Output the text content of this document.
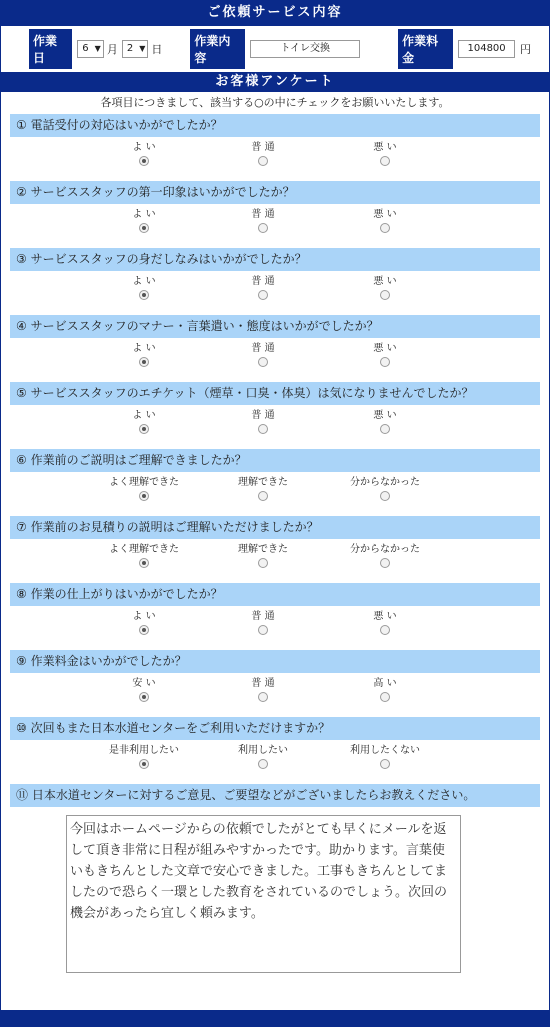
ご依頼サービス内容
作業日
6 ▼ 月 2 ▼ 日
作業内容
トイレ交換
作業料金
104800	円
お客様アンケート
各項目につきまして、該当する○の中にチェックをお願いいたします。
① 電話受付の対応はいかがでしたか？
よ い	普 通	悪 い
② サービススタッフの第一印象はいかがでしたか？
よ い	普 通	悪 い
③ サービススタッフの身だしなみはいかがでしたか？
よ い	普 通	悪 い
④ サービススタッフのマナー・言葉遣い・態度はいかがでしたか？
よ い	普 通	悪 い
⑤ サービススタッフのエチケット（煙草・口臭・体臭）は気になりませんでしたか？
よ い	普 通	悪 い
⑥ 作業前のご説明はご理解できましたか？
よく理解できた	理解できた	分からなかった
⑦ 作業前のお見積りの説明はご理解いただけましたか？
よく理解できた	理解できた	分からなかった
⑧ 作業の仕上がりはいかがでしたか？
よ い	普 通	悪 い
⑨ 作業料金はいかがでしたか？
安 い	普 通	高 い
⑩ 次回もまた日本水道センターをご利用いただけますか？
是非利用したい	利用したい	利用したくない
⑪ 日本水道センターに対するご意見、ご要望などがございましたらお教えください。
今回はホームページからの依頼でしたがとても早くにメールを返して頂き非常に日程が組みやすかったです。助かります。言葉使いもきちんとした文章で安心できました。工事もきちんとしてましたので恐らく一環とした教育をされているのでしょう。次回の機会があったら宜しく頼みます。
